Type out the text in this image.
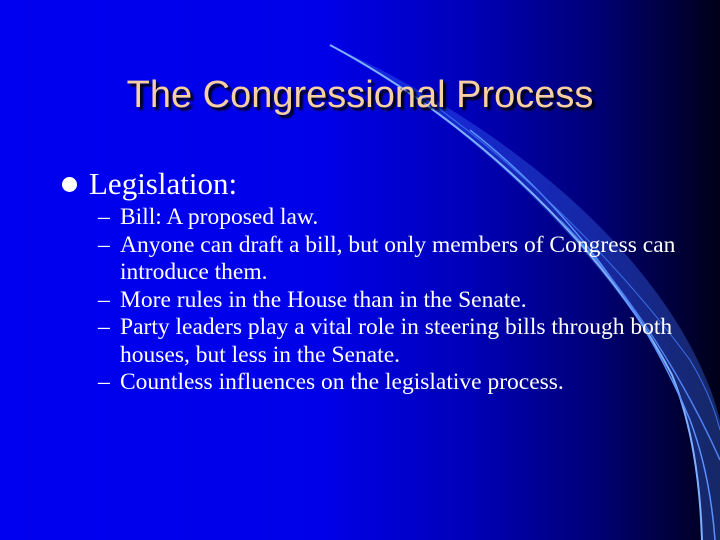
The Congressional Process
Legislation:
– Bill: A proposed law.
– Anyone can draft a bill, but only members of Congress can introduce them.
– More rules in the House than in the Senate.
– Party leaders play a vital role in steering bills through both houses, but less in the Senate.
– Countless influences on the legislative process.
